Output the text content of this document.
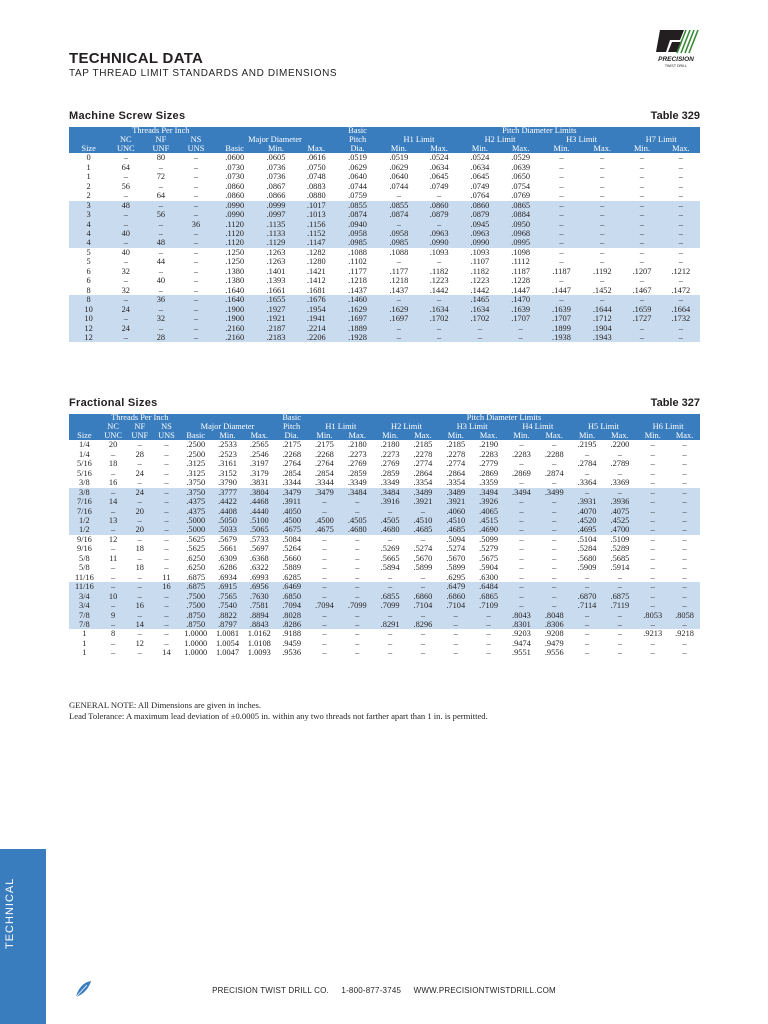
TECHNICAL DATA
TAP THREAD LIMIT STANDARDS AND DIMENSIONS
PRECISION
TWIST DRILL
Machine Screw Sizes	Table 329
	Threads Per Inch						Basic	Pitch Diameter Limits							
	NC	NF	NS	Major Diameter			Pitch	H1 Limit		H2 Limit		H3 Limit		H7 Limit	
Size	UNC	UNF	UNS	Basic	Min.	Max.	Dia.	Min.	Max.	Min.	Max.	Min.	Max.	Min.	Max.
0	–	80	–	.0600	.0605	.0616	.0519	.0519	.0524	.0524	.0529	–	–	–	–
1	64	–	–	.0730	.0736	.0750	.0629	.0629	.0634	.0634	.0639	–	–	–	–
1	–	72	–	.0730	.0736	.0748	.0640	.0640	.0645	.0645	.0650	–	–	–	–
2	56	–	–	.0860	.0867	.0883	.0744	.0744	.0749	.0749	.0754	–	–	–	–
2	–	64	–	.0860	.0866	.0880	.0759	–	–	.0764	.0769	–	–	–	–
3	48	–	–	.0990	.0999	.1017	.0855	.0855	.0860	.0860	.0865	–	–	–	–
3	–	56	–	.0990	.0997	.1013	.0874	.0874	.0879	.0879	.0884	–	–	–	–
4	–	–	36	.1120	.1135	.1156	.0940	–	–	.0945	.0950	–	–	–	–
4	40	–	–	.1120	.1133	.1152	.0958	.0958	.0963	.0963	.0968	–	–	–	–
4	–	48	–	.1120	.1129	.1147	.0985	.0985	.0990	.0990	.0995	–	–	–	–
5	40	–	–	.1250	.1263	.1282	.1088	.1088	.1093	.1093	.1098	–	–	–	–
5	–	44	–	.1250	.1263	.1280	.1102	–	–	.1107	.1112	–	–	–	–
6	32	–	–	.1380	.1401	.1421	.1177	.1177	.1182	.1182	.1187	.1187	.1192	.1207	.1212
6	–	40	–	.1380	.1393	.1412	.1218	.1218	.1223	.1223	.1228	–	–	–	–
8	32	–	–	.1640	.1661	.1681	.1437	.1437	.1442	.1442	.1447	.1447	.1452	.1467	.1472
8	–	36	–	.1640	.1655	.1676	.1460	–	–	.1465	.1470	–	–	–	–
10	24	–	–	.1900	.1927	.1954	.1629	.1629	.1634	.1634	.1639	.1639	.1644	.1659	.1664
10	–	32	–	.1900	.1921	.1941	.1697	.1697	.1702	.1702	.1707	.1707	.1712	.1727	.1732
12	24	–	–	.2160	.2187	.2214	.1889	–	–	–	–	.1899	.1904	–	–
12	–	28	–	.2160	.2183	.2206	.1928	–	–	–	–	.1938	.1943	–	–
Fractional Sizes	Table 327
	Threads Per Inch						Basic	Pitch Diameter Limits											
	NC	NF	NS	Major Diameter			Pitch	H1 Limit		H2 Limit		H3 Limit		H4 Limit		H5 Limit		H6 Limit	
Size	UNC	UNF	UNS	Basic	Min.	Max.	Dia.	Min.	Max.	Min.	Max.	Min.	Max.	Min.	Max.	Min.	Max.	Min.	Max.
1/4	20	–	–	.2500	.2533	.2565	.2175	.2175	.2180	.2180	.2185	.2185	.2190	–	–	.2195	.2200	–	–
1/4	–	28	–	.2500	.2523	.2546	.2268	.2268	.2273	.2273	.2278	.2278	.2283	.2283	.2288	–	–	–	–
5/16	18	–	–	.3125	.3161	.3197	.2764	.2764	.2769	.2769	.2774	.2774	.2779	–	–	.2784	.2789	–	–
5/16	–	24	–	.3125	.3152	.3179	.2854	.2854	.2859	.2859	.2864	.2864	.2869	.2869	.2874	–	–	–	–
3/8	16	–	–	.3750	.3790	.3831	.3344	.3344	.3349	.3349	.3354	.3354	.3359	–	–	.3364	.3369	–	–
3/8	–	24	–	.3750	.3777	.3804	.3479	.3479	.3484	.3484	.3489	.3489	.3494	.3494	.3499	–	–	–	–
7/16	14	–	–	.4375	.4422	.4468	.3911	–	–	.3916	.3921	.3921	.3926	–	–	.3931	.3936	–	–
7/16	–	20	–	.4375	.4408	.4440	.4050	–	–	–	–	.4060	.4065	–	–	.4070	.4075	–	–
1/2	13	–	–	.5000	.5050	.5100	.4500	.4500	.4505	.4505	.4510	.4510	.4515	–	–	.4520	.4525	–	–
1/2	–	20	–	.5000	.5033	.5065	.4675	.4675	.4680	.4680	.4685	.4685	.4690	–	–	.4695	.4700	–	–
9/16	12	–	–	.5625	.5679	.5733	.5084	–	–	–	–	.5094	.5099	–	–	.5104	.5109	–	–
9/16	–	18	–	.5625	.5661	.5697	.5264	–	–	.5269	.5274	.5274	.5279	–	–	.5284	.5289	–	–
5/8	11	–	–	.6250	.6309	.6368	.5660	–	–	.5665	.5670	.5670	.5675	–	–	.5680	.5685	–	–
5/8	–	18	–	.6250	.6286	.6322	.5889	–	–	.5894	.5899	.5899	.5904	–	–	.5909	.5914	–	–
11/16	–	–	11	.6875	.6934	.6993	.6285	–	–	–	–	.6295	.6300	–	–	–	–	–	–
11/16	–	–	16	.6875	.6915	.6956	.6469	–	–	–	–	.6479	.6484	–	–	–	–	–	–
3/4	10	–	–	.7500	.7565	.7630	.6850	–	–	.6855	.6860	.6860	.6865	–	–	.6870	.6875	–	–
3/4	–	16	–	.7500	.7540	.7581	.7094	.7094	.7099	.7099	.7104	.7104	.7109	–	–	.7114	.7119	–	–
7/8	9	–	–	.8750	.8822	.8894	.8028	–	–	–	–	–	–	.8043	.8048	–	–	.8053	.8058
7/8	–	14	–	.8750	.8797	.8843	.8286	–	–	.8291	.8296	–	–	.8301	.8306	–	–	–	–
1	8	–	–	1.0000	1.0081	1.0162	.9188	–	–	–	–	–	–	.9203	.9208	–	–	.9213	.9218
1	–	12	–	1.0000	1.0054	1.0108	.9459	–	–	–	–	–	–	.9474	.9479	–	–	–	–
1	–	–	14	1.0000	1.0047	1.0093	.9536	–	–	–	–	–	–	.9551	.9556	–	–	–	–
GENERAL NOTE: All Dimensions are given in inches.
Lead Tolerance: A maximum lead deviation of ±0.0005 in. within any two threads not farther apart than 1 in. is permitted.
TECHNICAL
PRECISION TWIST DRILL CO. 1-800-877-3745 WWW.PRECISIONTWISTDRILL.COM
